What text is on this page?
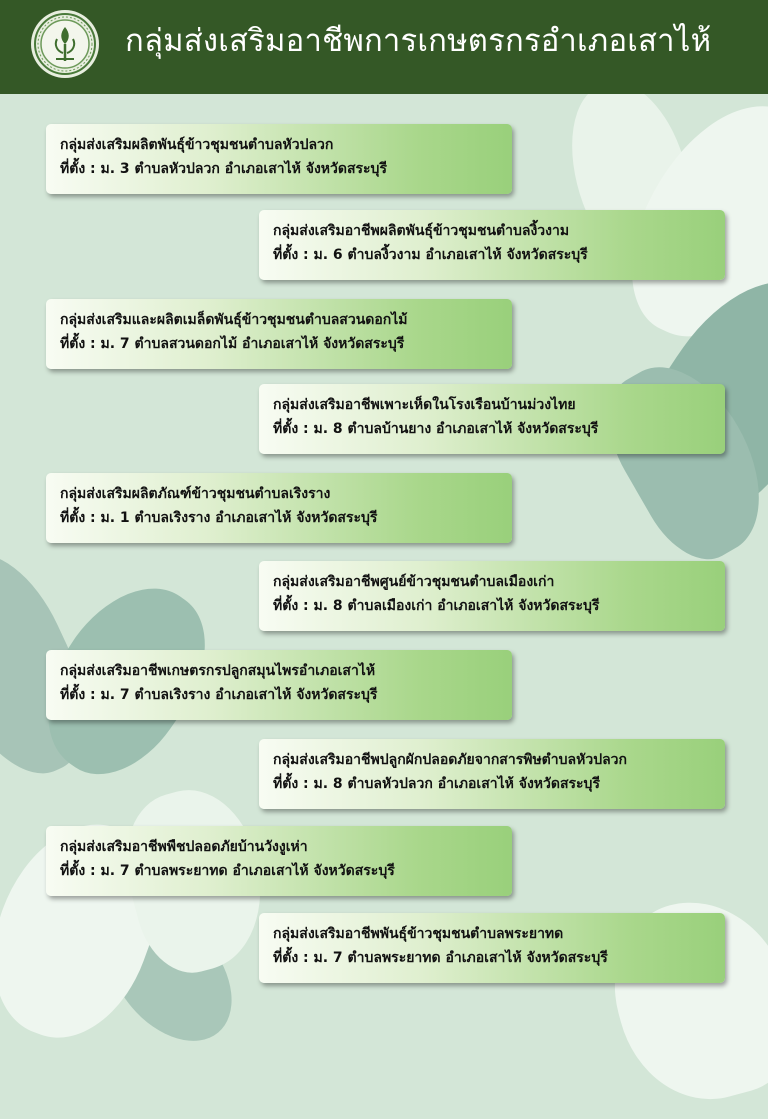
กลุ่มส่งเสริมอาชีพการเกษตรกรอำเภอเสาไห้
กลุ่มส่งเสริมผลิตพันธุ์ข้าวชุมชนตำบลหัวปลวก
ที่ตั้ง : ม. 3 ตำบลหัวปลวก อำเภอเสาไห้ จังหวัดสระบุรี
กลุ่มส่งเสริมอาชีพผลิตพันธุ์ข้าวชุมชนตำบลงิ้วงาม
ที่ตั้ง : ม. 6 ตำบลงิ้วงาม อำเภอเสาไห้ จังหวัดสระบุรี
กลุ่มส่งเสริมและผลิตเมล็ดพันธุ์ข้าวชุมชนตำบลสวนดอกไม้
ที่ตั้ง : ม. 7 ตำบลสวนดอกไม้ อำเภอเสาไห้ จังหวัดสระบุรี
กลุ่มส่งเสริมอาชีพเพาะเห็ดในโรงเรือนบ้านม่วงไทย
ที่ตั้ง : ม. 8 ตำบลบ้านยาง อำเภอเสาไห้ จังหวัดสระบุรี
กลุ่มส่งเสริมผลิตภัณฑ์ข้าวชุมชนตำบลเริงราง
ที่ตั้ง : ม. 1 ตำบลเริงราง อำเภอเสาไห้ จังหวัดสระบุรี
กลุ่มส่งเสริมอาชีพศูนย์ข้าวชุมชนตำบลเมืองเก่า
ที่ตั้ง : ม. 8 ตำบลเมืองเก่า อำเภอเสาไห้ จังหวัดสระบุรี
กลุ่มส่งเสริมอาชีพเกษตรกรปลูกสมุนไพรอำเภอเสาไห้
ที่ตั้ง : ม. 7 ตำบลเริงราง อำเภอเสาไห้ จังหวัดสระบุรี
กลุ่มส่งเสริมอาชีพปลูกผักปลอดภัยจากสารพิษตำบลหัวปลวก
ที่ตั้ง : ม. 8 ตำบลหัวปลวก อำเภอเสาไห้ จังหวัดสระบุรี
กลุ่มส่งเสริมอาชีพพืชปลอดภัยบ้านวังงูเห่า
ที่ตั้ง : ม. 7 ตำบลพระยาทด อำเภอเสาไห้ จังหวัดสระบุรี
กลุ่มส่งเสริมอาชีพพันธุ์ข้าวชุมชนตำบลพระยาทด
ที่ตั้ง : ม. 7 ตำบลพระยาทด อำเภอเสาไห้ จังหวัดสระบุรี
